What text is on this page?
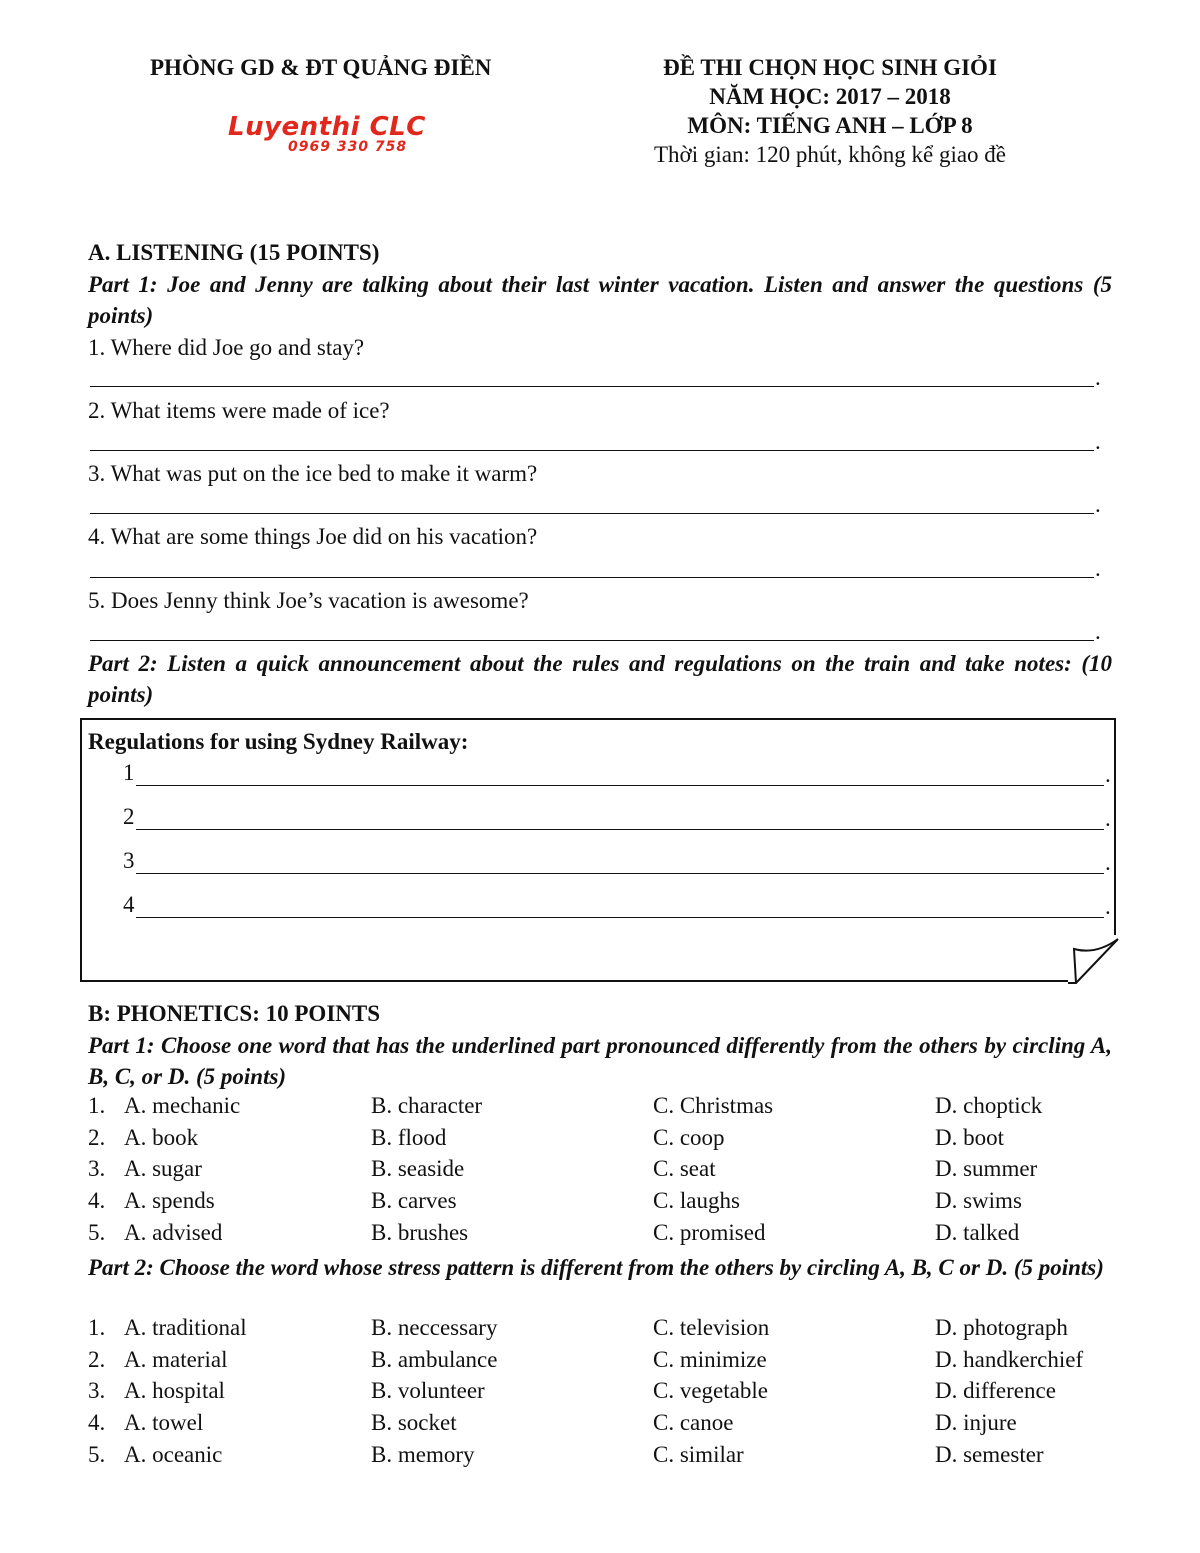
PHÒNG GD & ĐT QUẢNG ĐIỀN
Luyenthi CLC
0969 330 758
ĐỀ THI CHỌN HỌC SINH GIỎI
NĂM HỌC: 2017 – 2018
MÔN: TIẾNG ANH – LỚP 8
Thời gian: 120 phút, không kể giao đề
A. LISTENING (15 POINTS)
Part 1: Joe and Jenny are talking about their last winter vacation. Listen and answer the questions (5 points)
1. Where did Joe go and stay?
.
2. What items were made of ice?
.
3. What was put on the ice bed to make it warm?
.
4. What are some things Joe did on his vacation?
.
5. Does Jenny think Joe’s vacation is awesome?
.
Part 2: Listen a quick announcement about the rules and regulations on the train and take notes: (10 points)
Regulations for using Sydney Railway:
1	.
2	.
3	.
4	.
B: PHONETICS: 10 POINTS
Part 1: Choose one word that has the underlined part pronounced differently from the others by circling A, B, C, or D. (5 points)
1. A. mechanic	B. character	C. Christmas	D. choptick
2. A. book	B. flood	C. coop	D. boot
3. A. sugar	B. seaside	C. seat	D. summer
4. A. spends	B. carves	C. laughs	D. swims
5. A. advised	B. brushes	C. promised	D. talked
Part 2: Choose the word whose stress pattern is different from the others by circling A, B, C or D. (5 points)
1. A. traditional	B. neccessary	C. television	D. photograph
2. A. material	B. ambulance	C. minimize	D. handkerchief
3. A. hospital	B. volunteer	C. vegetable	D. difference
4. A. towel	B. socket	C. canoe	D. injure
5. A. oceanic	B. memory	C. similar	D. semester
